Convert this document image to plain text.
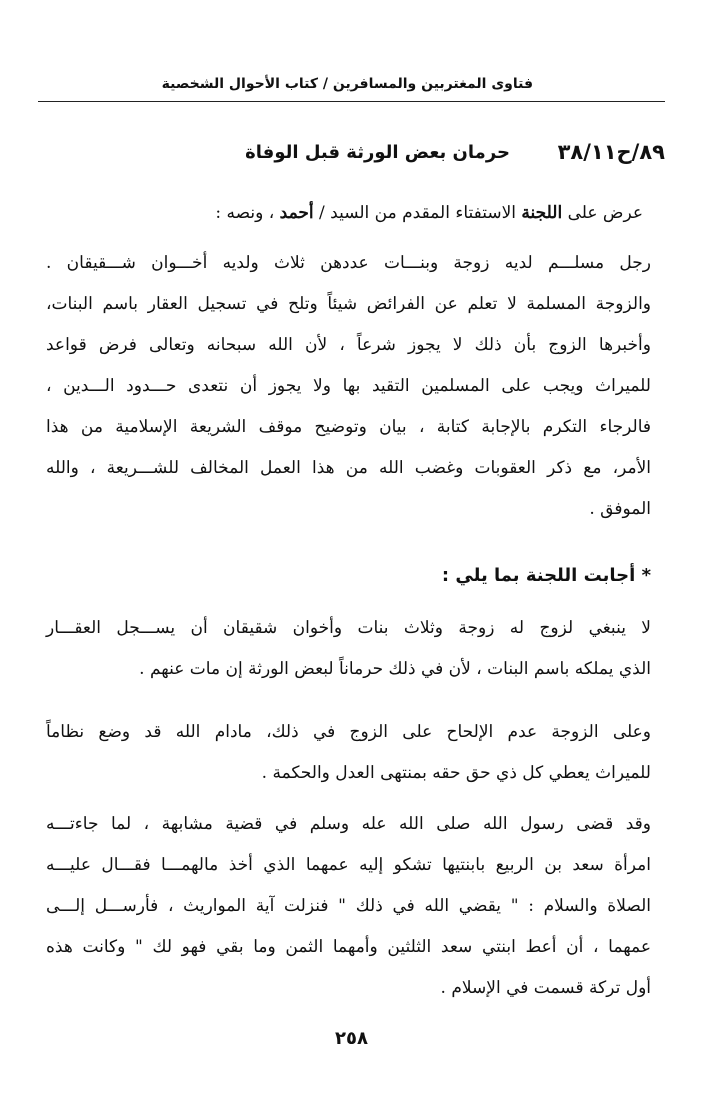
فتاوى المغتربين والمسافرين / كتاب الأحوال الشخصية
٨٩/ح٣٨/١١
حرمان بعض الورثة قبل الوفاة
عرض على اللجنة الاستفتاء المقدم من السيد / أحمد ، ونصه :
رجل مسلـــم لديه زوجة وبنـــات عددهن ثلاث ولديه أخـــوان شـــقيقان .
والزوجة المسلمة لا تعلم عن الفرائض شيئاً وتلح في تسجيل العقار باسم البنات،
وأخبرها الزوج بأن ذلك لا يجوز شرعاً ، لأن الله سبحانه وتعالى فرض قواعد
للميراث ويجب على المسلمين التقيد بها ولا يجوز أن نتعدى حـــدود الـــدين ،
فالرجاء التكرم بالإجابة كتابة ، بيان وتوضيح موقف الشريعة الإسلامية من هذا
الأمر، مع ذكر العقوبات وغضب الله من هذا العمل المخالف للشـــريعة ، والله
الموفق .
* أجابت اللجنة بما يلي :
لا ينبغي لزوج له زوجة وثلاث بنات وأخوان شقيقان أن يســـجل العقـــار
الذي يملكه باسم البنات ، لأن في ذلك حرماناً لبعض الورثة إن مات عنهم .
وعلى الزوجة عدم الإلحاح على الزوج في ذلك، مادام الله قد وضع نظاماً
للميراث يعطي كل ذي حق حقه بمنتهى العدل والحكمة .
وقد قضى رسول الله صلى الله عله وسلم في قضية مشابهة ، لما جاءتـــه
امرأة سعد بن الربيع بابنتيها تشكو إليه عمهما الذي أخذ مالهمـــا فقـــال عليـــه
الصلاة والسلام : " يقضي الله في ذلك " فنزلت آية المواريث ، فأرســـل إلـــى
عمهما ، أن أعط ابنتي سعد الثلثين وأمهما الثمن وما بقي فهو لك " وكانت هذه
أول تركة قسمت في الإسلام .
٢٥٨
